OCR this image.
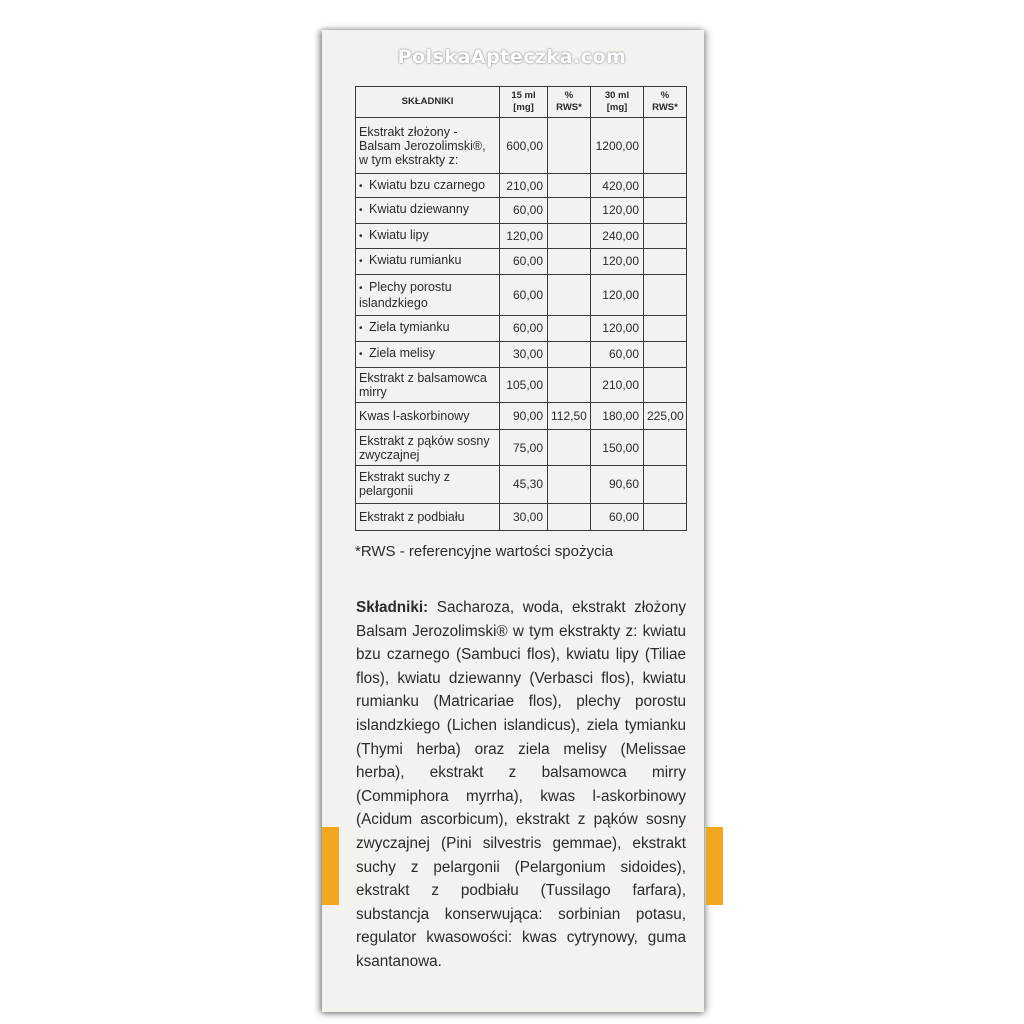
PolskaApteczka.com
SKŁADNIKI	15 ml [mg]	% RWS*	30 ml [mg]	% RWS*
Ekstrakt złożony - Balsam Jerozolimski®, w tym ekstrakty z:	600,00		1200,00	
• Kwiatu bzu czarnego	210,00		420,00	
• Kwiatu dziewanny	60,00		120,00	
• Kwiatu lipy	120,00		240,00	
• Kwiatu rumianku	60,00		120,00	
• Plechy porostu islandzkiego	60,00		120,00	
• Ziela tymianku	60,00		120,00	
• Ziela melisy	30,00		60,00	
Ekstrakt z balsamowca mirry	105,00		210,00	
Kwas l-askorbinowy	90,00	112,50	180,00	225,00
Ekstrakt z pąków sosny zwyczajnej	75,00		150,00	
Ekstrakt suchy z pelargonii	45,30		90,60	
Ekstrakt z podbiału	30,00		60,00	
*RWS - referencyjne wartości spożycia
Składniki: Sacharoza, woda, ekstrakt złożony Balsam Jerozolimski® w tym ekstrakty z: kwiatu bzu czarnego (Sambuci flos), kwiatu lipy (Tiliae flos), kwiatu dziewanny (Verbasci flos), kwiatu rumianku (Matricariae flos), plechy porostu islandzkiego (Lichen islandicus), ziela tymianku (Thymi herba) oraz ziela melisy (Melissae herba), ekstrakt z balsamowca mirry (Commiphora myrrha), kwas l-askorbinowy (Acidum ascorbicum), ekstrakt z pąków sosny zwyczajnej (Pini silvestris gemmae), ekstrakt suchy z pelargonii (Pelargonium sidoides), ekstrakt z podbiału (Tussilago farfara), substancja konserwująca: sorbinian potasu, regulator kwasowości: kwas cytrynowy, guma ksantanowa.
